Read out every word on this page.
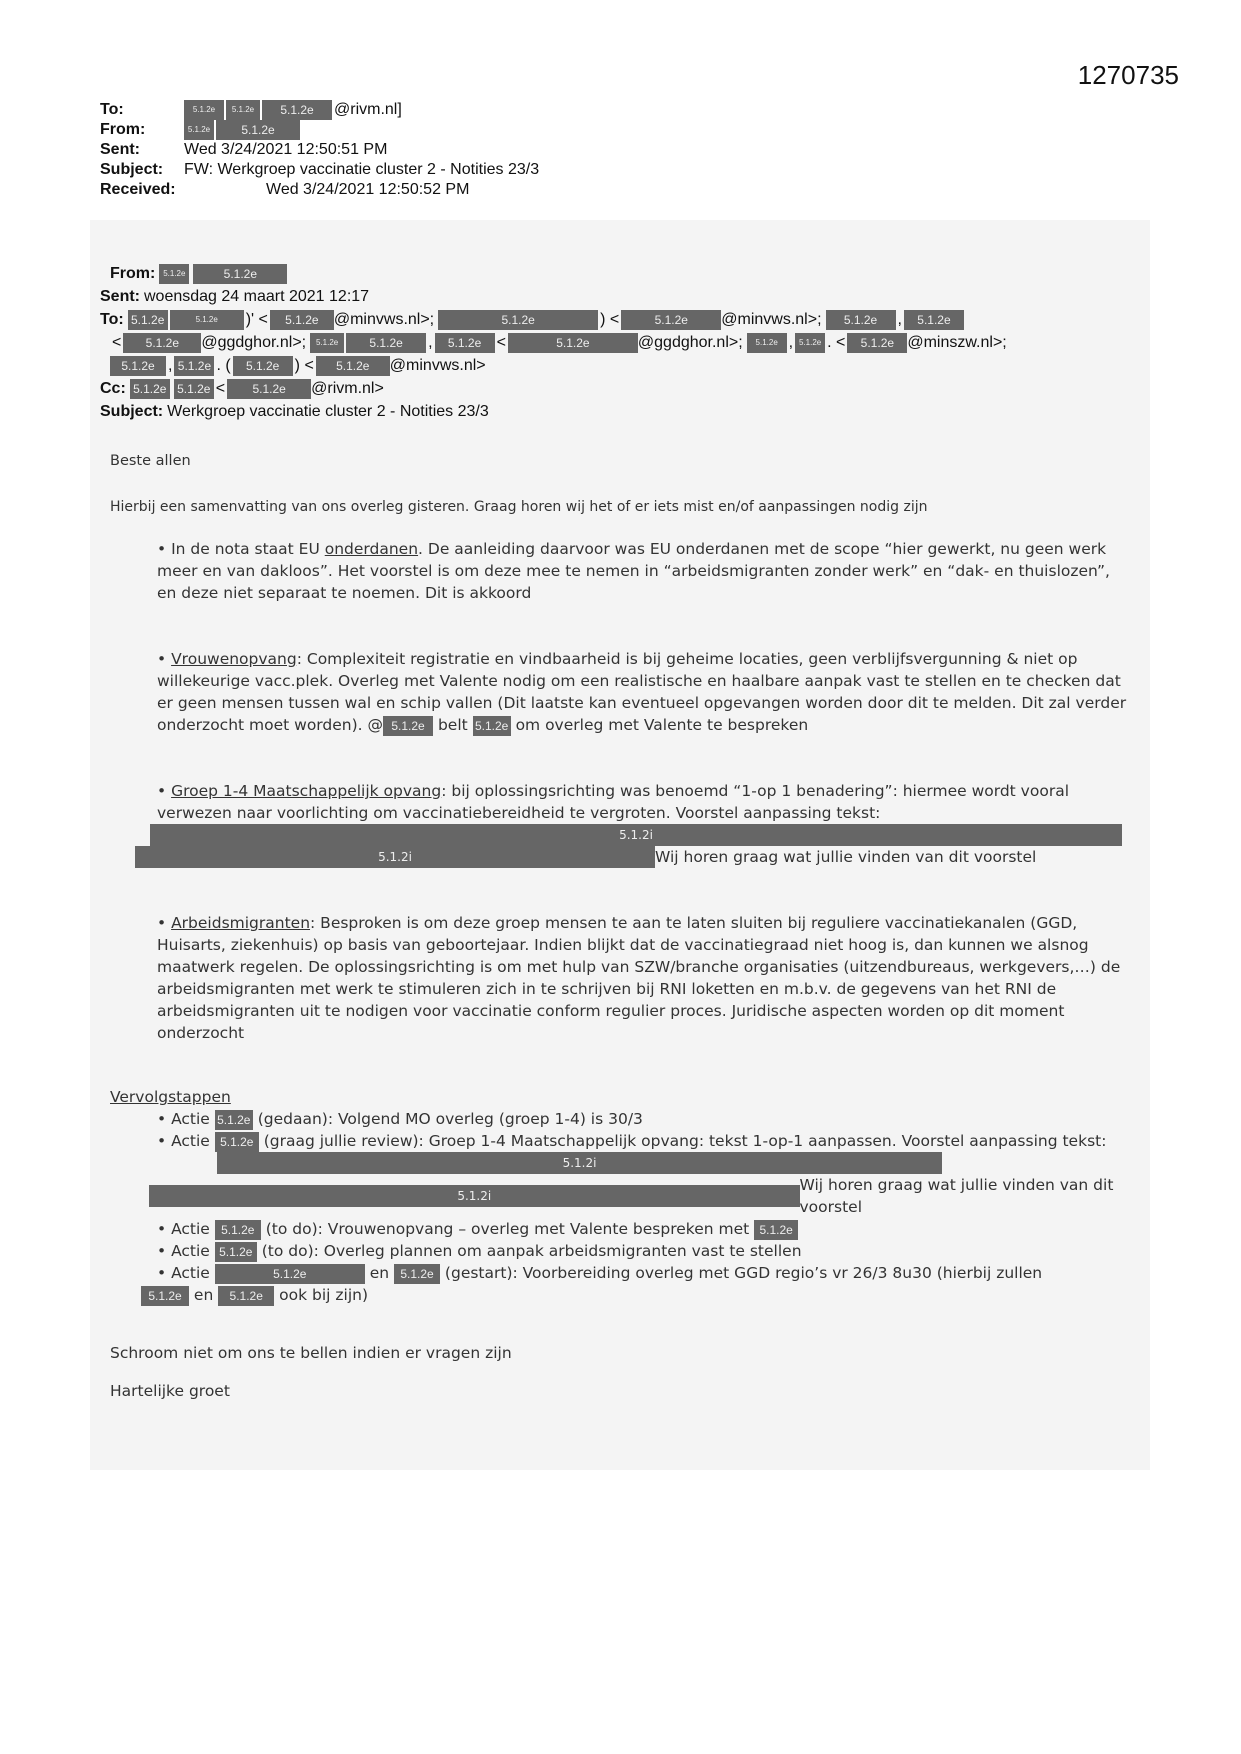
1270735
To:	5.1.2e	5.1.2e	5.1.2e	@rivm.nl]
From:	5.1.2e	5.1.2e
Sent:	Wed 3/24/2021 12:50:51 PM
Subject:	FW: Werkgroep vaccinatie cluster 2 - Notities 23/3
Received:	Wed 3/24/2021 12:50:52 PM
From: 5.1.2e	5.1.2e
Sent: woensdag 24 maart 2021 12:17
To: 5.1.2e	5.1.2e	)' <	5.1.2e @minvws.nl>;	5.1.2e	) <	5.1.2e	@minvws.nl>;	5.1.2e	,	5.1.2e
<	5.1.2e	@ggdghor.nl>;	5.1.2e	5.1.2e	,	5.1.2e <	5.1.2e	@ggdghor.nl>;	5.1.2e , 5.1.2e . <	5.1.2e @minszw.nl>;
5.1.2e , 5.1.2e . (	5.1.2e ) <	5.1.2e	@minvws.nl>
Cc: 5.1.2e 5.1.2e <	5.1.2e	@rivm.nl>
Subject: Werkgroep vaccinatie cluster 2 - Notities 23/3

Beste allen

Hierbij een samenvatting van ons overleg gisteren. Graag horen wij het of er iets mist en/of aanpassingen nodig zijn

• In de nota staat EU onderdanen. De aanleiding daarvoor was EU onderdanen met de scope “hier gewerkt, nu geen werk meer en van dakloos”. Het voorstel is om deze mee te nemen in “arbeidsmigranten zonder werk” en “dak- en thuislozen”, en deze niet separaat te noemen. Dit is akkoord

• Vrouwenopvang: Complexiteit registratie en vindbaarheid is bij geheime locaties, geen verblijfsvergunning & niet op willekeurige vacc.plek. Overleg met Valente nodig om een realistische en haalbare aanpak vast te stellen en te checken dat er geen mensen tussen wal en schip vallen (Dit laatste kan eventueel opgevangen worden door dit te melden. Dit zal verder onderzocht moet worden). @ 5.1.2e belt 5.1.2e om overleg met Valente te bespreken

• Groep 1-4 Maatschappelijk opvang: bij oplossingsrichting was benoemd “1-op 1 benadering”: hiermee wordt vooral verwezen naar voorlichting om vaccinatiebereidheid te vergroten. Voorstel aanpassing tekst:

5.1.2i
5.1.2i	Wij horen graag wat jullie vinden van dit voorstel

• Arbeidsmigranten: Besproken is om deze groep mensen te aan te laten sluiten bij reguliere vaccinatiekanalen (GGD, Huisarts, ziekenhuis) op basis van geboortejaar. Indien blijkt dat de vaccinatiegraad niet hoog is, dan kunnen we alsnog maatwerk regelen. De oplossingsrichting is om met hulp van SZW/branche organisaties (uitzendbureaus, werkgevers,…) de arbeidsmigranten met werk te stimuleren zich in te schrijven bij RNI loketten en m.b.v. de gegevens van het RNI de arbeidsmigranten uit te nodigen voor vaccinatie conform regulier proces. Juridische aspecten worden op dit moment onderzocht

Vervolgstappen

• Actie 5.1.2e (gedaan): Volgend MO overleg (groep 1-4) is 30/3
• Actie 5.1.2e (graag jullie review): Groep 1-4 Maatschappelijk opvang: tekst 1-op-1 aanpassen. Voorstel aanpassing tekst:
5.1.2i
5.1.2i
Wij horen graag wat jullie vinden van dit voorstel
• Actie 5.1.2e (to do): Vrouwenopvang – overleg met Valente bespreken met 5.1.2e
• Actie 5.1.2e (to do): Overleg plannen om aanpak arbeidsmigranten vast te stellen
• Actie	5.1.2e	en 5.1.2e (gestart): Voorbereiding overleg met GGD regio’s vr 26/3 8u30 (hierbij zullen
5.1.2e en 5.1.2e ook bij zijn)

Schroom niet om ons te bellen indien er vragen zijn

Hartelijke groet
